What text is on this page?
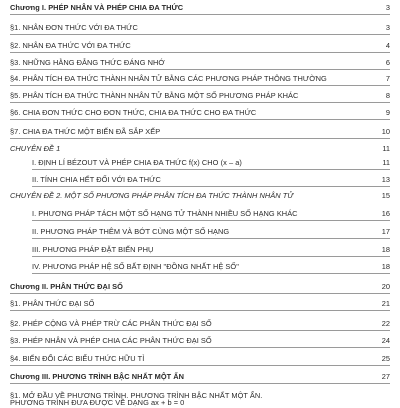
Chương I. PHÉP NHÂN VÀ PHÉP CHIA ĐA THỨC	3
§1. NHÂN ĐƠN THỨC VỚI ĐA THỨC	3
§2. NHÂN ĐA THỨC VỚI ĐA THỨC	4
§3. NHỮNG HẰNG ĐẲNG THỨC ĐÁNG NHỚ	6
§4. PHÂN TÍCH ĐA THỨC THÀNH NHÂN TỬ BẰNG CÁC PHƯƠNG PHÁP THÔNG THƯỜNG	7
§5. PHÂN TÍCH ĐA THỨC THÀNH NHÂN TỬ BẰNG MỘT SỐ PHƯƠNG PHÁP KHÁC	8
§6. CHIA ĐƠN THỨC CHO ĐƠN THỨC, CHIA ĐA THỨC CHO ĐA THỨC	9
§7. CHIA ĐA THỨC MỘT BIẾN ĐÃ SẮP XẾP	10
CHUYÊN ĐỀ 1	11
I. ĐỊNH LÍ BÉZOUT VÀ PHÉP CHIA ĐA THỨC f(x) CHO (x – a)	11
II. TÍNH CHIA HẾT ĐỐI VỚI ĐA THỨC	13
CHUYÊN ĐỀ 2. MỘT SỐ PHƯƠNG PHÁP PHÂN TÍCH ĐA THỨC THÀNH NHÂN TỬ	15
I. PHƯƠNG PHÁP TÁCH MỘT SỐ HẠNG TỬ THÀNH NHIỀU SỐ HẠNG KHÁC	16
II. PHƯƠNG PHÁP THÊM VÀ BỚT CÙNG MỘT SỐ HẠNG	17
III. PHƯƠNG PHÁP ĐẶT BIẾN PHỤ	18
IV. PHƯƠNG PHÁP HỆ SỐ BẤT ĐỊNH "ĐỒNG NHẤT HỆ SỐ"	18
Chương II. PHÂN THỨC ĐẠI SỐ	20
§1. PHÂN THỨC ĐẠI SỐ	21
§2. PHÉP CỘNG VÀ PHÉP TRỪ CÁC PHÂN THỨC ĐẠI SỐ	22
§3. PHÉP NHÂN VÀ PHÉP CHIA CÁC PHÂN THỨC ĐẠI SỐ	24
§4. BIẾN ĐỔI CÁC BIỂU THỨC HỮU TỈ	25
Chương III. PHƯƠNG TRÌNH BẬC NHẤT MỘT ẨN	27
§1. MỞ ĐẦU VỀ PHƯƠNG TRÌNH. PHƯƠNG TRÌNH BẬC NHẤT MỘT ẨN.
PHƯƠNG TRÌNH ĐƯA ĐƯỢC VỀ DẠNG ax + b = 0
